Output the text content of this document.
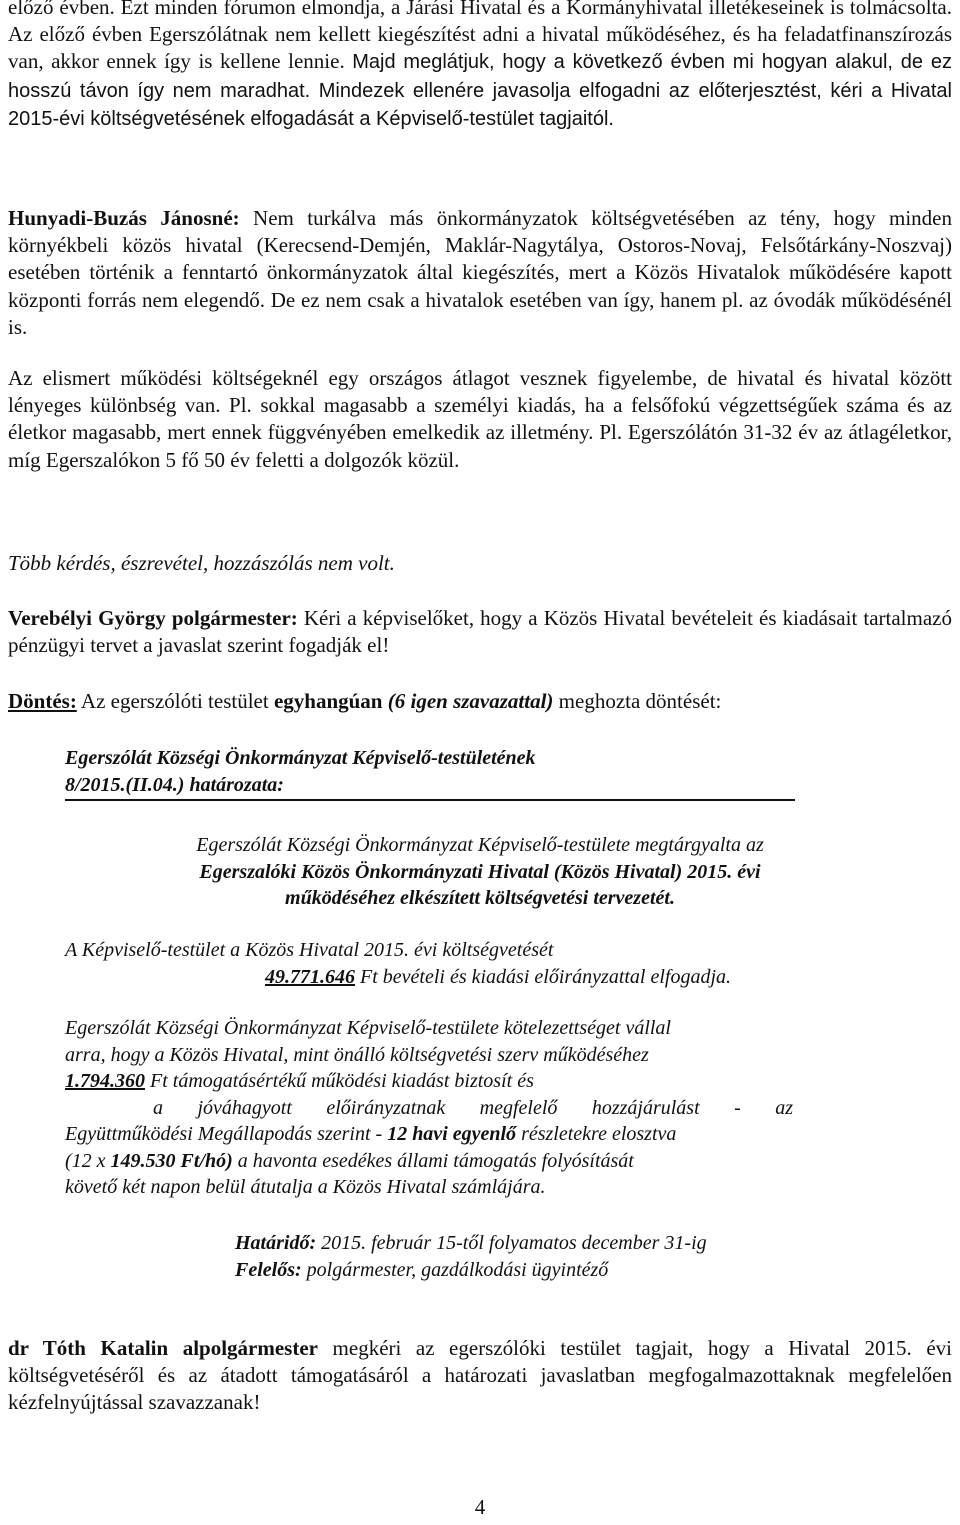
előző évben. Ezt minden fórumon elmondja, a Járási Hivatal és a Kormányhivatal illetékeseinek is tolmácsolta. Az előző évben Egerszólátnak nem kellett kiegészítést adni a hivatal működéséhez, és ha feladatfinanszírozás van, akkor ennek így is kellene lennie. Majd meglátjuk, hogy a következő évben mi hogyan alakul, de ez hosszú távon így nem maradhat. Mindezek ellenére javasolja elfogadni az előterjesztést, kéri a Hivatal 2015-évi költségvetésének elfogadását a Képviselő-testület tagjaitól.

Hunyadi-Buzás Jánosné: Nem turkálva más önkormányzatok költségvetésében az tény, hogy minden környékbeli közös hivatal (Kerecsend-Demjén, Maklár-Nagytálya, Ostoros-Novaj, Felsőtárkány-Noszvaj) esetében történik a fenntartó önkormányzatok által kiegészítés, mert a Közös Hivatalok működésére kapott központi forrás nem elegendő. De ez nem csak a hivatalok esetében van így, hanem pl. az óvodák működésénél is.

Az elismert működési költségeknél egy országos átlagot vesznek figyelembe, de hivatal és hivatal között lényeges különbség van. Pl. sokkal magasabb a személyi kiadás, ha a felsőfokú végzettségűek száma és az életkor magasabb, mert ennek függvényében emelkedik az illetmény. Pl. Egerszólátón 31-32 év az átlagéletkor, míg Egerszalókon 5 fő 50 év feletti a dolgozók közül.

Több kérdés, észrevétel, hozzászólás nem volt.

Verebélyi György polgármester: Kéri a képviselőket, hogy a Közös Hivatal bevételeit és kiadásait tartalmazó pénzügyi tervet a javaslat szerint fogadják el!

Döntés: Az egerszólóti testület egyhangúan (6 igen szavazattal) meghozta döntését:

Egerszólát Községi Önkormányzat Képviselő-testületének
8/2015.(II.04.) határozata:
Egerszólát Községi Önkormányzat Képviselő-testülete megtárgyalta az
Egerszalóki Közös Önkormányzati Hivatal (Közös Hivatal) 2015. évi
működéséhez elkészített költségvetési tervezetét.
A Képviselő-testület a Közös Hivatal 2015. évi költségvetését
49.771.646 Ft bevételi és kiadási előirányzattal elfogadja.
Egerszólát Községi Önkormányzat Képviselő-testülete kötelezettséget vállal
arra, hogy a Közös Hivatal, mint önálló költségvetési szerv működéséhez
1.794.360 Ft támogatásértékű működési kiadást biztosít és
a jóváhagyott előirányzatnak megfelelő hozzájárulást - az
Együttműködési Megállapodás szerint - 12 havi egyenlő részletekre elosztva
(12 x 149.530 Ft/hó) a havonta esedékes állami támogatás folyósítását
követő két napon belül átutalja a Közös Hivatal számlájára.
Határidő: 2015. február 15-től folyamatos december 31-ig
Felelős: polgármester, gazdálkodási ügyintéző

dr Tóth Katalin alpolgármester megkéri az egerszólóki testület tagjait, hogy a Hivatal 2015. évi költségvetéséről és az átadott támogatásáról a határozati javaslatban megfogalmazottaknak megfelelően kézfelnyújtással szavazzanak!

4
